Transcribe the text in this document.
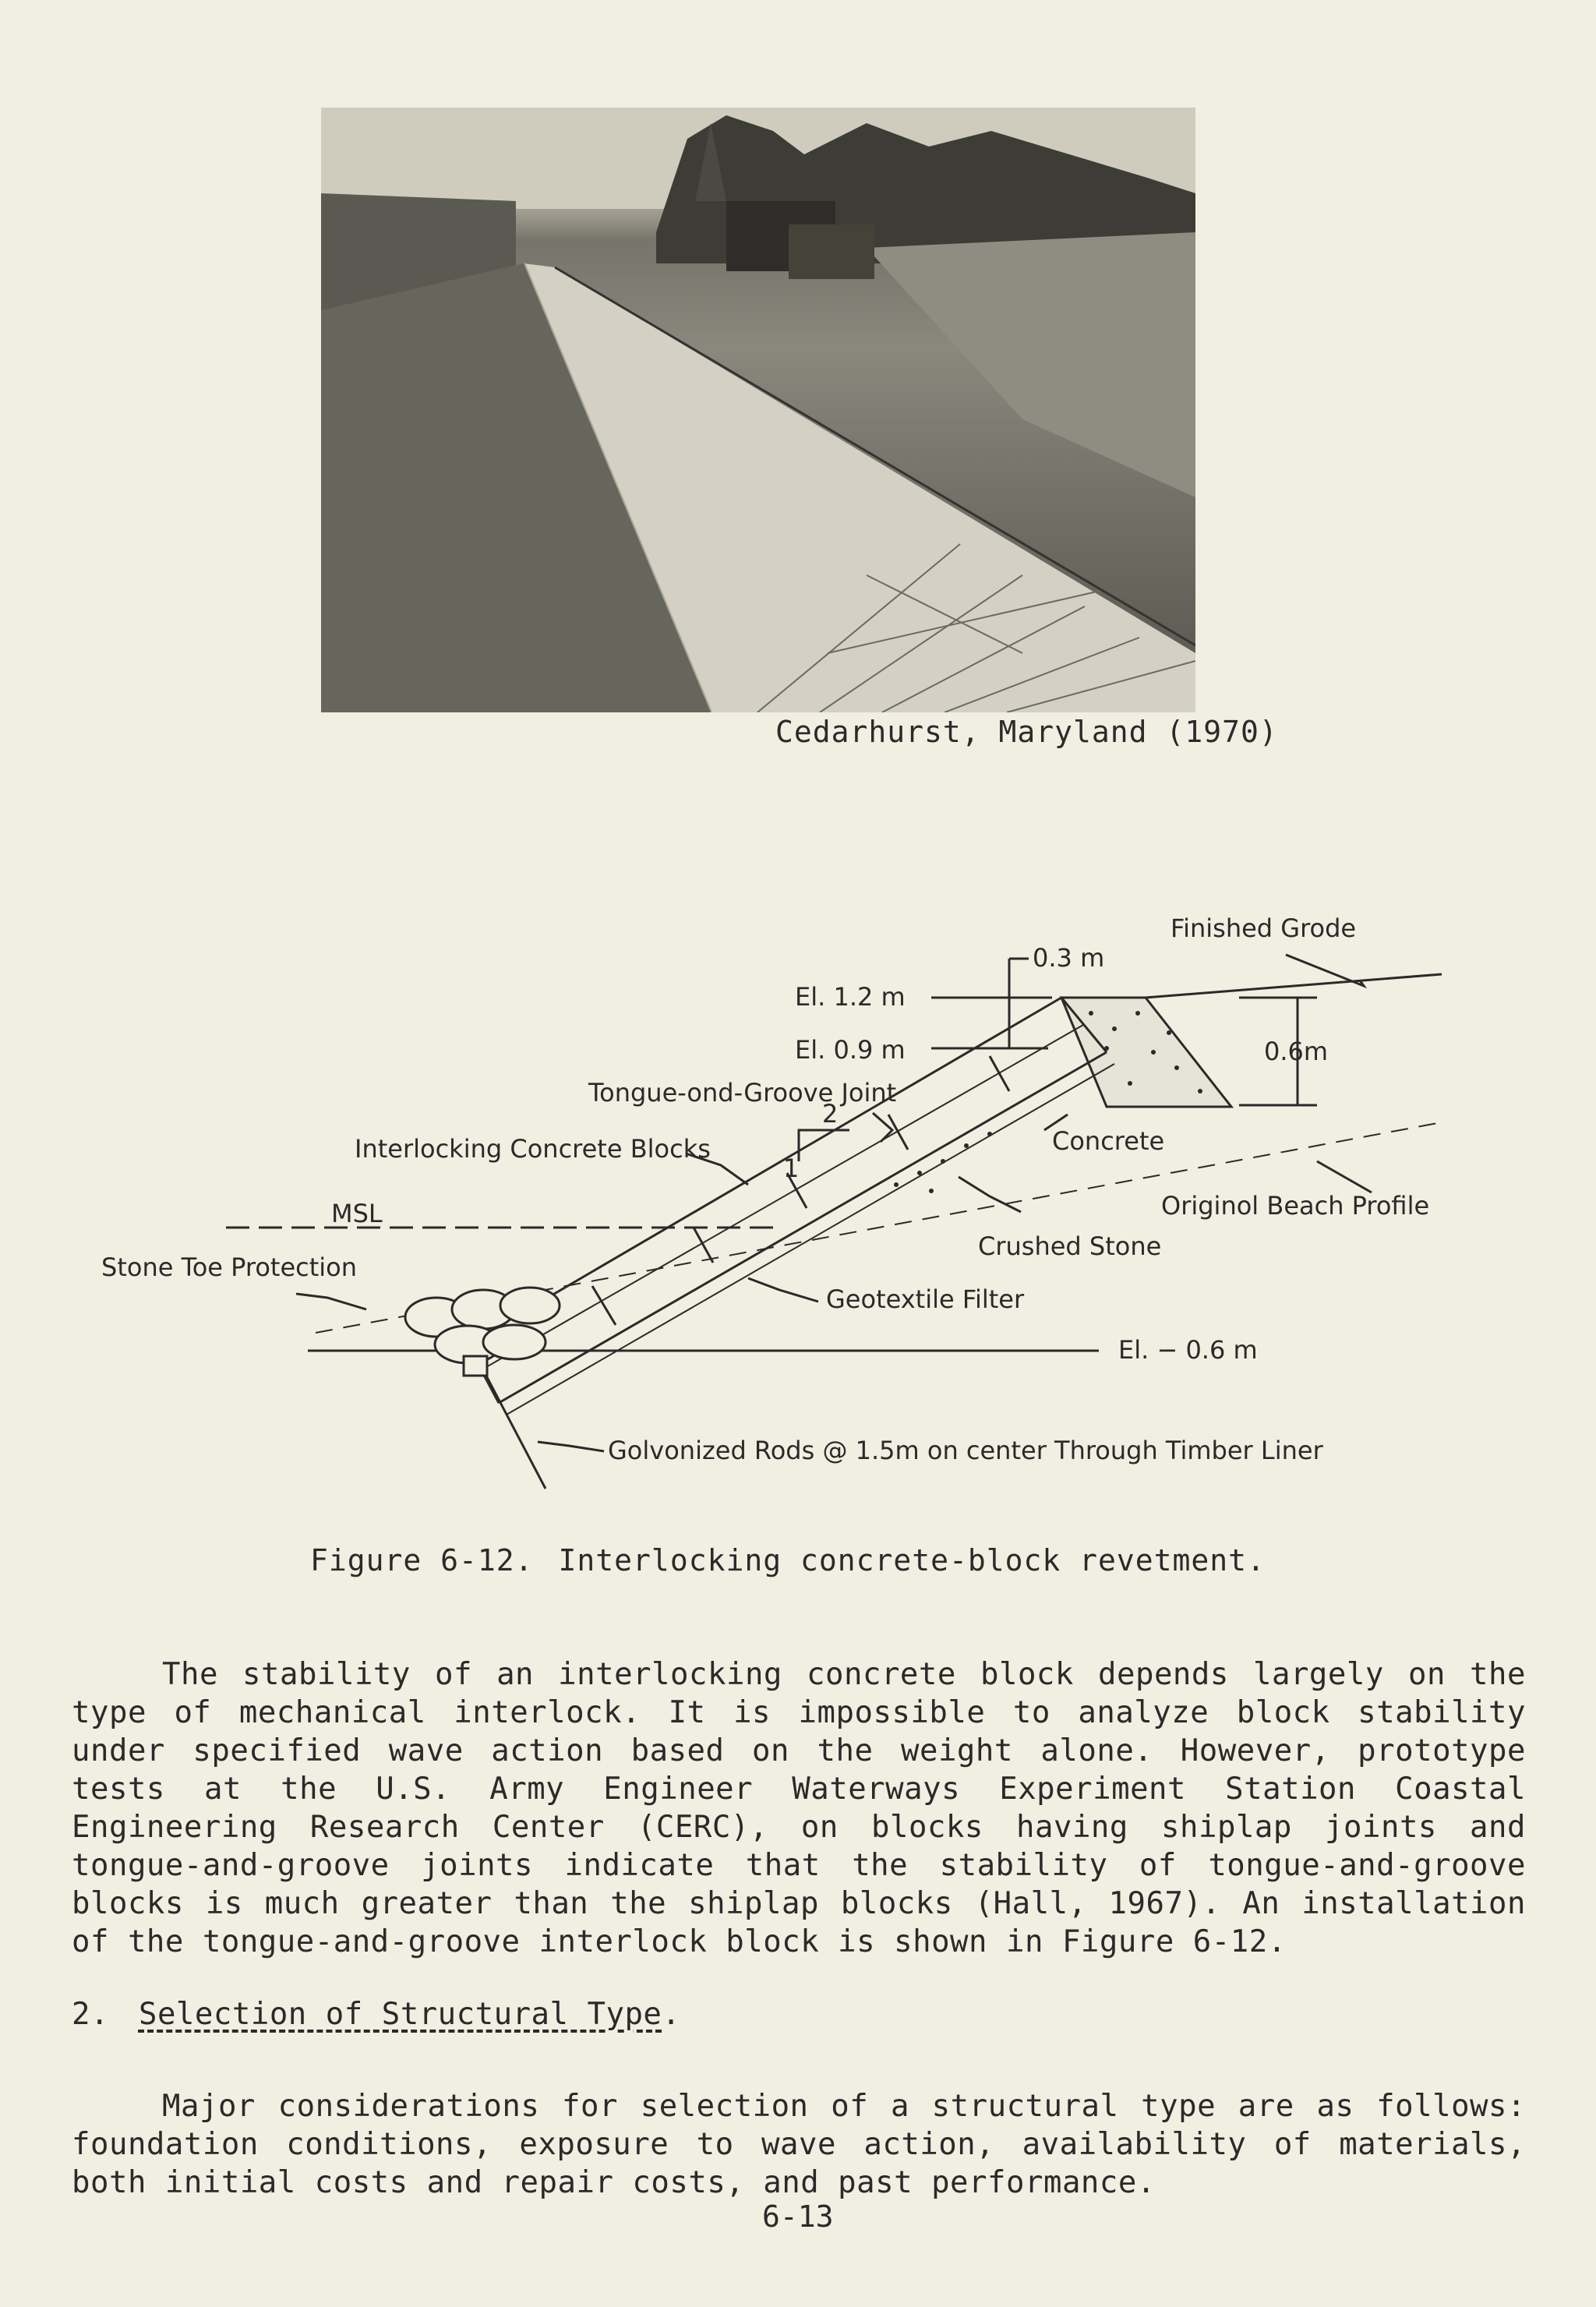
Cedarhurst, Maryland (1970)
Finished Grode
0.3 m
El. 1.2 m
El. 0.9 m	0.6m
Tongue-ond-Groove Joint
Interlocking Concrete Blocks
2
1
Concrete
MSL	Originol Beach Profile
Crushed Stone
Stone Toe Protection
Geotextile Filter
El. − 0.6 m
Golvonized Rods @ 1.5m on center Through Timber Liner
Figure 6-12. Interlocking concrete-block revetment.
The stability of an interlocking concrete block depends largely on the type of mechanical interlock. It is impossible to analyze block stability under specified wave action based on the weight alone. However, prototype tests at the U.S. Army Engineer Waterways Experiment Station Coastal Engineering Research Center (CERC), on blocks having shiplap joints and tongue-and-groove joints indicate that the stability of tongue-and-groove blocks is much greater than the shiplap blocks (Hall, 1967). An installation of the tongue-and-groove interlock block is shown in Figure 6-12.
2. Selection of Structural Type.
Major considerations for selection of a structural type are as follows: foundation conditions, exposure to wave action, availability of materials, both initial costs and repair costs, and past performance.
6-13
